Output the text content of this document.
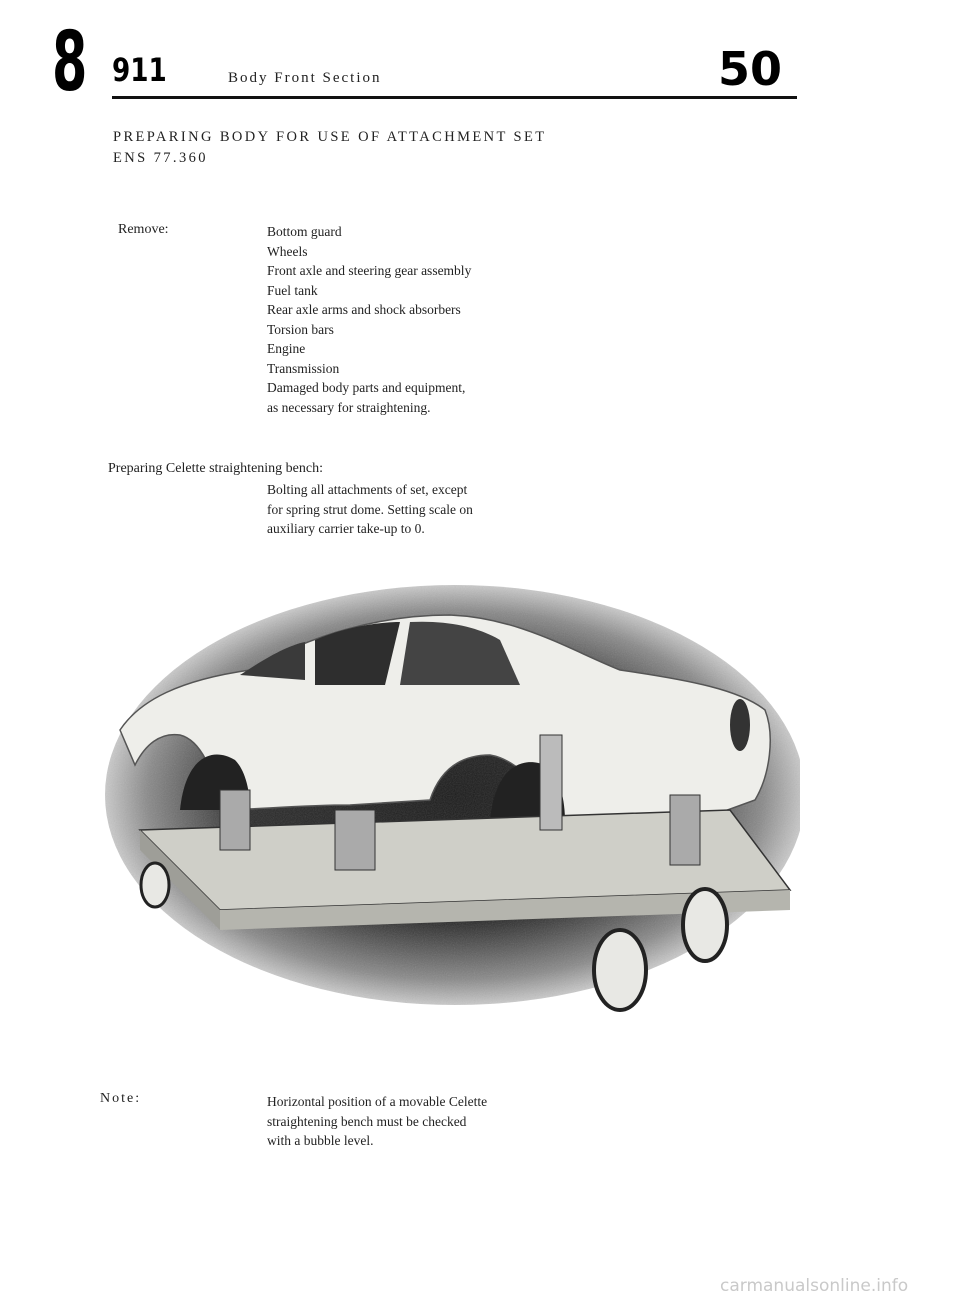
8 911	Body Front Section	50
PREPARING BODY FOR USE OF ATTACHMENT SET
ENS 77.360
Remove:	Bottom guard
Wheels
Front axle and steering gear assembly
Fuel tank
Rear axle arms and shock absorbers
Torsion bars
Engine
Transmission
Damaged body parts and equipment,
as necessary for straightening.
Preparing Celette straightening bench:
Bolting all attachments of set, except
for spring strut dome. Setting scale on
auxiliary carrier take-up to 0.
Note:	Horizontal position of a movable Celette
straightening bench must be checked
with a bubble level.
carmanualsonline.info
